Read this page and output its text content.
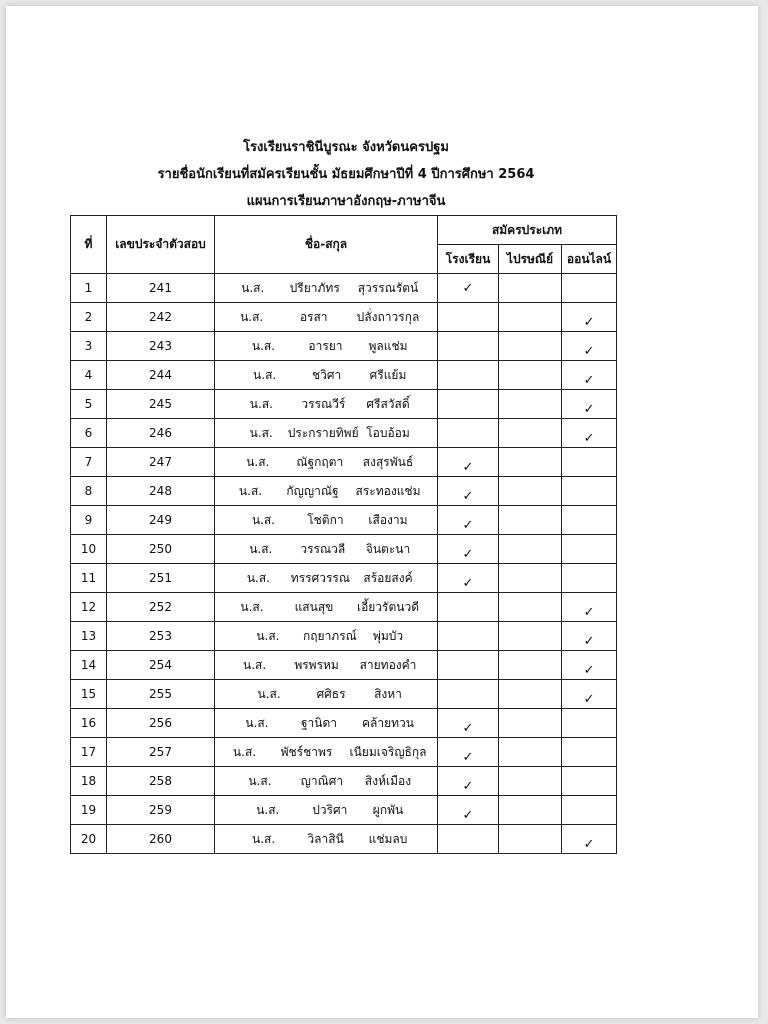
โรงเรียนราชินีบูรณะ จังหวัดนครปฐม
รายชื่อนักเรียนที่สมัครเรียนชั้น มัธยมศึกษาปีที่ 4 ปีการศึกษา 2564
แผนการเรียนภาษาอังกฤษ-ภาษาจีน
ที่	เลขประจำตัวสอบ	ชื่อ-สกุล	สมัครประเภท		
			โรงเรียน	ไปรษณีย์	ออนไลน์
1	241	น.ส. ปรียาภัทร สุวรรณรัตน์	✓		
2	242	น.ส. อรสา ปลั่งถาวรกุล			✓
3	243	น.ส. อารยา พูลแช่ม			✓
4	244	น.ส. ชวิศา ศรีแย้ม			✓
5	245	น.ส. วรรณวีร์ ศรีสวัสดิ์			✓
6	246	น.ส. ประกรายทิพย์ โอบอ้อม			✓
7	247	น.ส. ณัฐกฤตา สงสุรพันธ์	✓		
8	248	น.ส. กัญญาณัฐ สระทองแช่ม	✓		
9	249	น.ส. โชติกา เสืองาม	✓		
10	250	น.ส. วรรณวลี จินตะนา	✓		
11	251	น.ส. ทรรศวรรณ สร้อยสงค์	✓		
12	252	น.ส. แสนสุข เอี้ยวรัตนวดี			✓
13	253	น.ส. กฤยาภรณ์ พุ่มบัว			✓
14	254	น.ส. พรพรหม สายทองคำ			✓
15	255	น.ส. ศศิธร สิงหา			✓
16	256	น.ส. ฐานิดา คล้ายทวน	✓		
17	257	น.ส. พัชร์ชาพร เนียมเจริญธิกุล	✓		
18	258	น.ส. ญาณิศา สิงห์เมือง	✓		
19	259	น.ส. ปวริศา ผูกพัน	✓		
20	260	น.ส. วิลาสินี แช่มลบ			✓
